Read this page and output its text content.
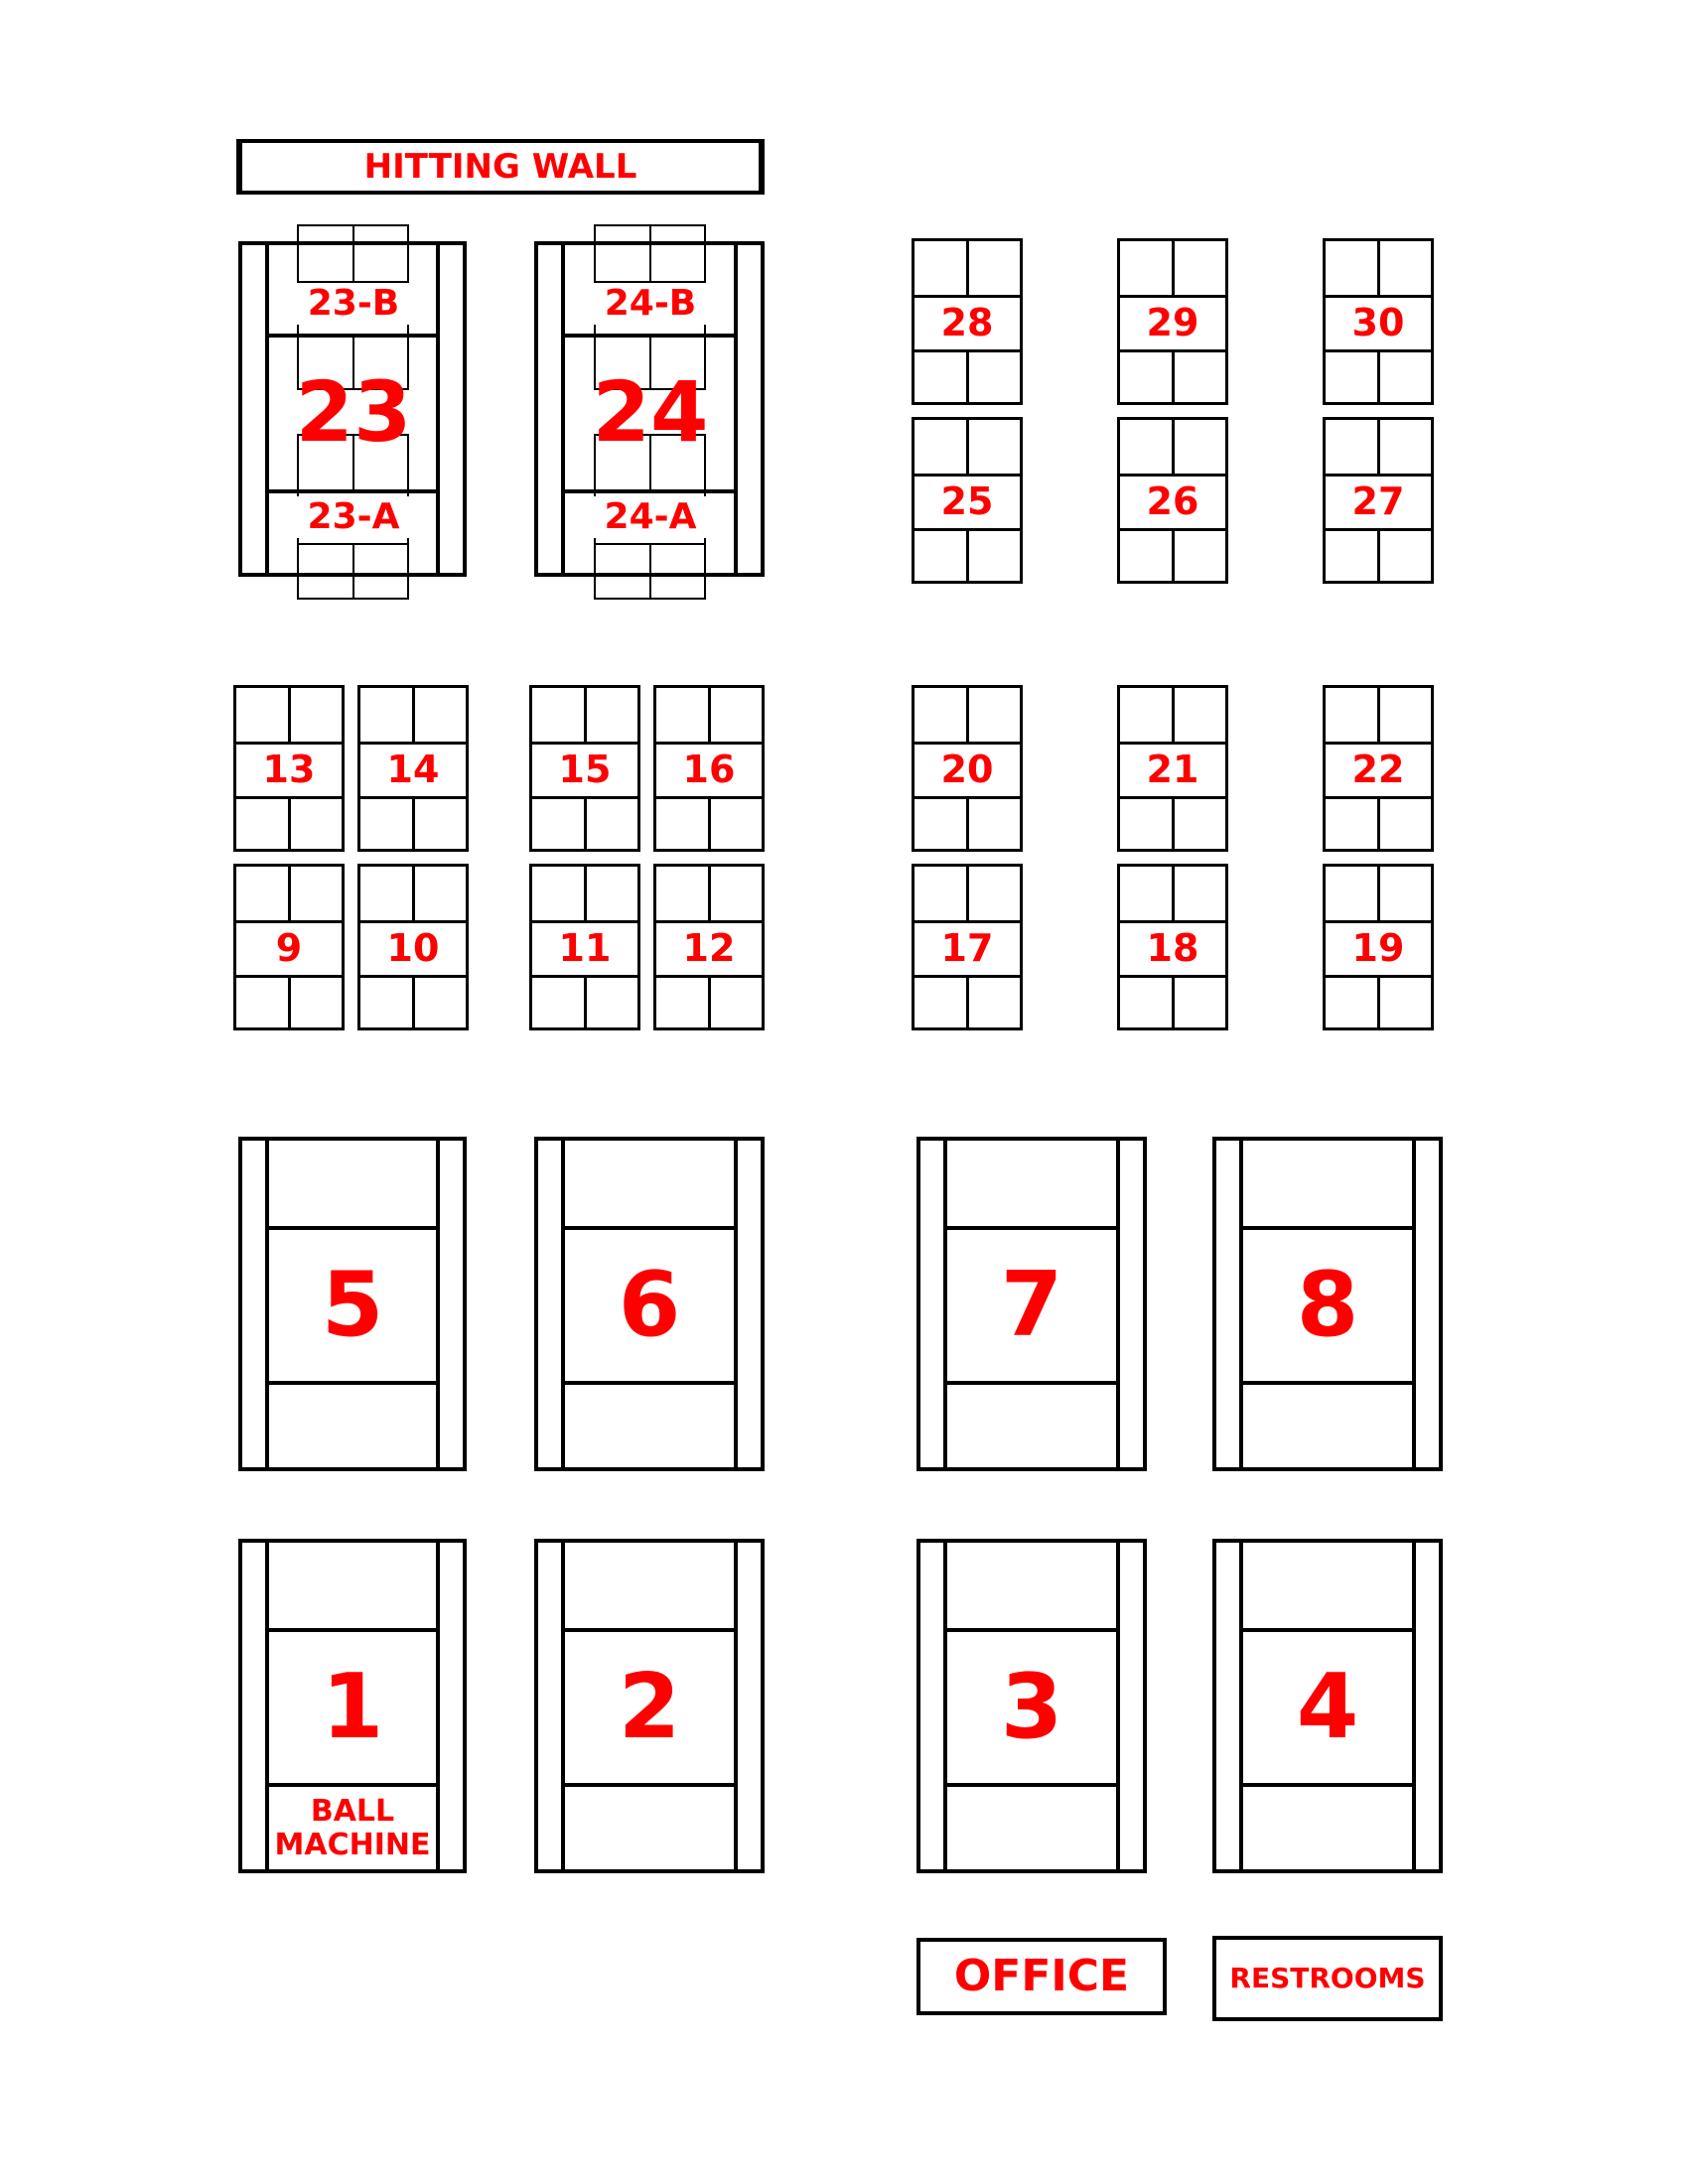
HITTING WALL
23-B
23
23-A
24-B
24
24-A
28	29	30
25	26	27
13	14	15	16
9	10	11	12
20	21	22
17	18	19
5	6	7	8
1
BALL
MACHINE
2	3	4
OFFICE	RESTROOMS
